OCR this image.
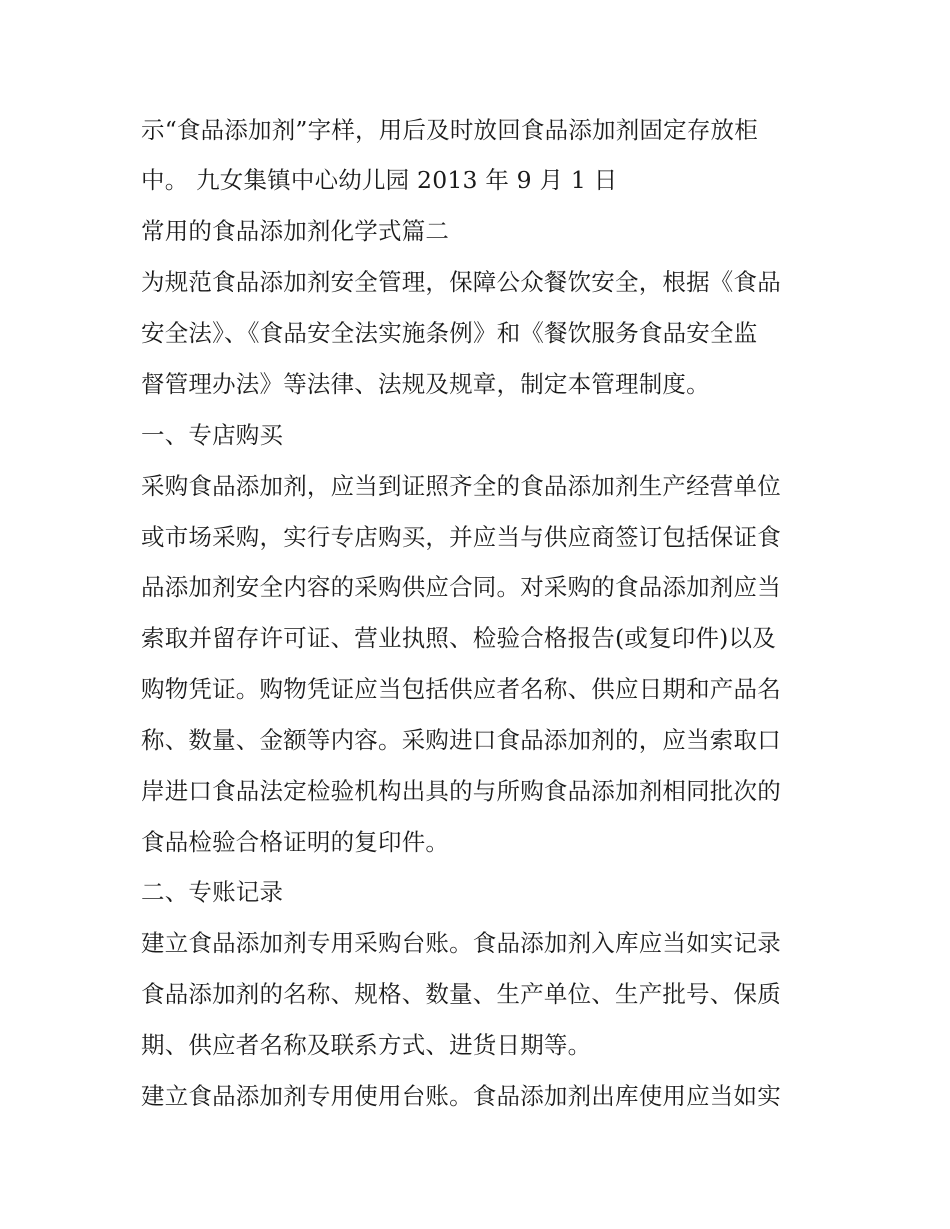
示“食品添加剂”字样，用后及时放回食品添加剂固定存放柜
中。 九女集镇中心幼儿园 2013 年 9 月 1 日
常用的食品添加剂化学式篇二
为规范食品添加剂安全管理，保障公众餐饮安全，根据《食品
安全法》、《食品安全法实施条例》和《餐饮服务食品安全监
督管理办法》等法律、法规及规章，制定本管理制度。
一、专店购买
采购食品添加剂，应当到证照齐全的食品添加剂生产经营单位
或市场采购，实行专店购买，并应当与供应商签订包括保证食
品添加剂安全内容的采购供应合同。对采购的食品添加剂应当
索取并留存许可证、营业执照、检验合格报告(或复印件)以及
购物凭证。购物凭证应当包括供应者名称、供应日期和产品名
称、数量、金额等内容。采购进口食品添加剂的，应当索取口
岸进口食品法定检验机构出具的与所购食品添加剂相同批次的
食品检验合格证明的复印件。
二、专账记录
建立食品添加剂专用采购台账。食品添加剂入库应当如实记录
食品添加剂的名称、规格、数量、生产单位、生产批号、保质
期、供应者名称及联系方式、进货日期等。
建立食品添加剂专用使用台账。食品添加剂出库使用应当如实
